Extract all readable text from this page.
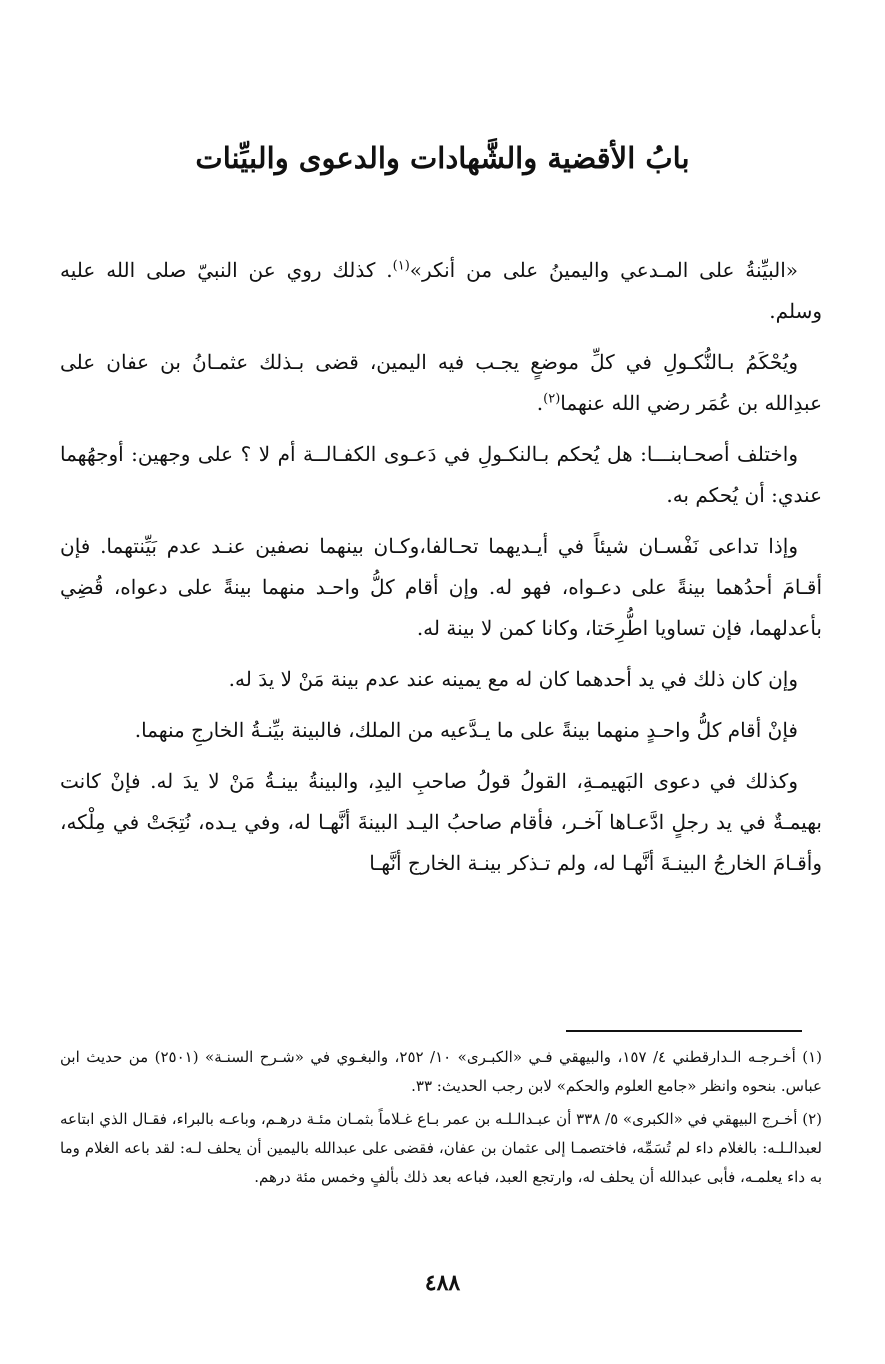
بابُ الأقضية والشَّهادات والدعوى والبيِّنات

«البيِّنةُ على المـدعي واليمينُ على من أنكر»$^{(١)}$. كذلك روي عن النبيّ صلى الله عليه وسلم.

ويُحْكَمُ بـالنُّكـولِ في كلِّ موضعٍ يجـب فيه اليمين، قضى بـذلك عثمـانُ بن عفان على عبدِالله بن عُمَر رضي الله عنهما$^{(٢)}$.

واختلف أصحـابنـــا: هل يُحكم بـالنكـولِ في دَعـوى الكفـالــة أم لا ؟ على وجهين: أوجهُهما عندي: أن يُحكم به.

وإذا تداعى نَفْسـان شيئاً في أيـديهما تحـالفا،وكـان بينهما نصفين عنـد عدم بَيِّنتهما. فإن أقـامَ أحدُهما بينةً على دعـواه، فهو له. وإن أقام كلُّ واحـد منهما بينةً على دعواه، قُضِي بأعدلهما، فإن تساويا اطُّرِحَتا، وكانا كمن لا بينة له.

وإن كان ذلك في يد أحدهما كان له مع يمينه عند عدم بينة مَنْ لا يدَ له.

فإنْ أقام كلُّ واحـدٍ منهما بينةً على ما يـدَّعيه من الملك، فالبينة بيِّنـةُ الخارجِ منهما.

وكذلك في دعوى البَهيمـةِ، القولُ قولُ صاحبِ اليدِ، والبينةُ بينـةُ مَنْ لا يدَ له. فإنْ كانت بهيمـةٌ في يد رجلٍ ادَّعـاها آخـر، فأقام صاحبُ اليـد البينةَ أنَّهـا له، وفي يـده، نُتِجَتْ في مِلْكه، وأقـامَ الخارجُ البينـةَ أنَّهـا له، ولم تـذكر بينـة الخارج أنَّهـا

(١) أخـرجـه الـدارقطني ٤/ ١٥٧، والبيهقي فـي «الكبـرى» ١٠/ ٢٥٢، والبغـوي في «شـرح السنـة» (٢٥٠١) من حديث ابن عباس. بنحوه وانظر «جامع العلوم والحكم» لابن رجب الحديث: ٣٣.

(٢) أخـرج البيهقي في «الكبرى» ٥/ ٣٣٨ أن عبـدالـلـه بن عمر بـاع غـلاماً بثمـان مئـة درهـم، وباعـه بالبراء، فقـال الذي ابتاعه لعبدالـلـه: بالغلام داء لم تُسَمِّه، فاختصمـا إلى عثمان بن عفان، فقضى على عبدالله باليمين أن يحلف لـه: لقد باعه الغلام وما به داء يعلمـه، فأبى عبدالله أن يحلف له، وارتجع العبد، فباعه بعد ذلك بألفٍ وخمس مئة درهم.

٤٨٨
